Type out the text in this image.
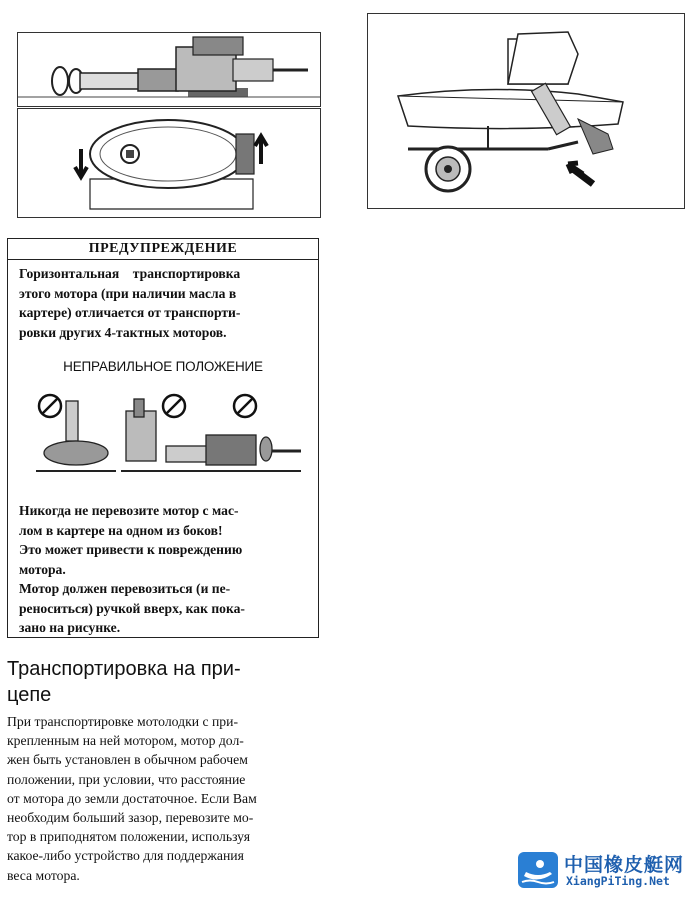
ПРЕДУПРЕЖДЕНИЕ

Горизонтальная    транспортировка
этого мотора (при наличии масла в
картере) отличается от транспорти-
ровки других 4-тактных моторов.

НЕПРАВИЛЬНОЕ ПОЛОЖЕНИЕ

Никогда не перевозите мотор с мас-
лом в картере на одном из боков!
Это может привести к повреждению
мотора.
Мотор должен перевозиться (и пе-
реноситься) ручкой вверх, как пока-
зано на рисунке.

Транспортировка на при-
цепе

При транспортировке мотолодки с при-
крепленным на ней мотором, мотор дол-
жен быть установлен в обычном рабочем
положении, при условии, что расстояние
от мотора до земли достаточное. Если Вам
необходим больший зазор, перевозите мо-
тор в приподнятом положении, используя
какое-либо устройство для поддержания
веса мотора.	中国橡皮艇网
XiangPiTing.Net
